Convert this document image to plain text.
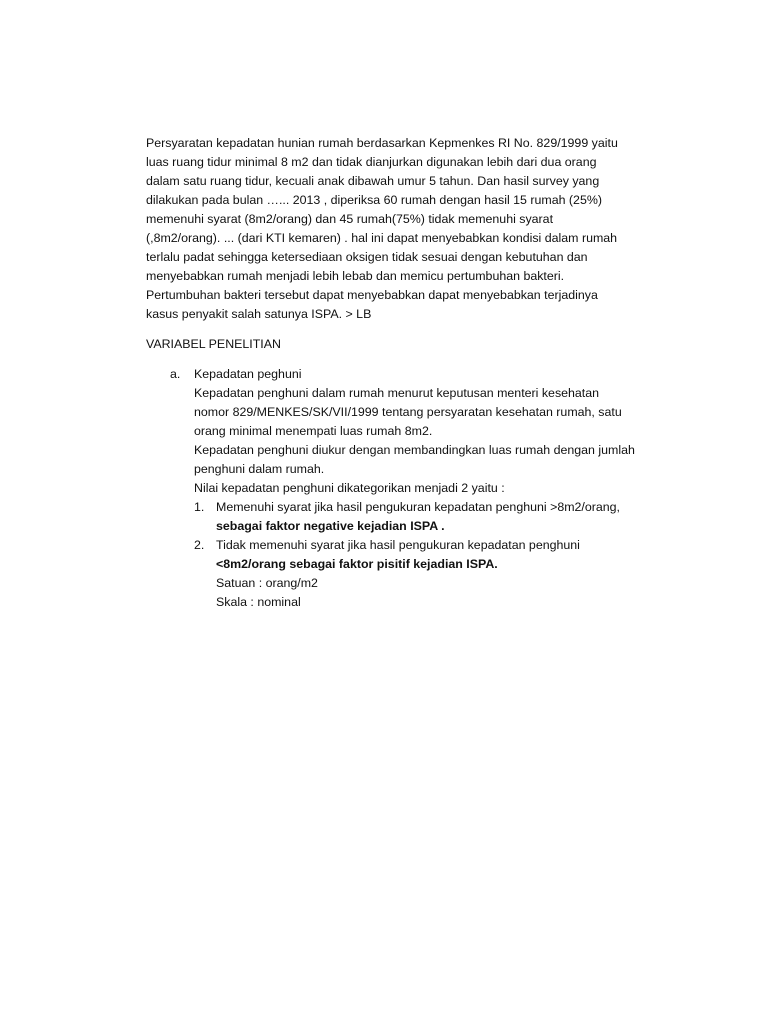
Persyaratan kepadatan hunian rumah berdasarkan Kepmenkes RI No. 829/1999 yaitu

luas ruang tidur minimal 8 m2 dan tidak dianjurkan digunakan lebih dari dua orang

dalam satu ruang tidur, kecuali anak dibawah umur 5 tahun. Dan hasil survey yang

dilakukan pada bulan …... 2013 , diperiksa 60 rumah dengan hasil 15 rumah (25%)

memenuhi syarat (8m2/orang) dan 45 rumah(75%) tidak memenuhi syarat

(,8m2/orang). ... (dari KTI kemaren) . hal ini dapat menyebabkan kondisi dalam rumah

terlalu padat sehingga ketersediaan oksigen tidak sesuai dengan kebutuhan dan

menyebabkan rumah menjadi lebih lebab dan memicu pertumbuhan bakteri.

Pertumbuhan bakteri tersebut dapat menyebabkan dapat menyebabkan terjadinya

kasus penyakit salah satunya ISPA. > LB

VARIABEL PENELITIAN

a. Kepadatan peghuni

Kepadatan penghuni dalam rumah menurut keputusan menteri kesehatan

nomor 829/MENKES/SK/VII/1999 tentang persyaratan kesehatan rumah, satu

orang minimal menempati luas rumah 8m2.

Kepadatan penghuni diukur dengan membandingkan luas rumah dengan jumlah

penghuni dalam rumah.

Nilai kepadatan penghuni dikategorikan menjadi 2 yaitu :

1. Memenuhi syarat jika hasil pengukuran kepadatan penghuni >8m2/orang,

sebagai faktor negative kejadian ISPA .

2. Tidak memenuhi syarat jika hasil pengukuran kepadatan penghuni

<8m2/orang sebagai faktor pisitif kejadian ISPA.

Satuan : orang/m2

Skala : nominal
